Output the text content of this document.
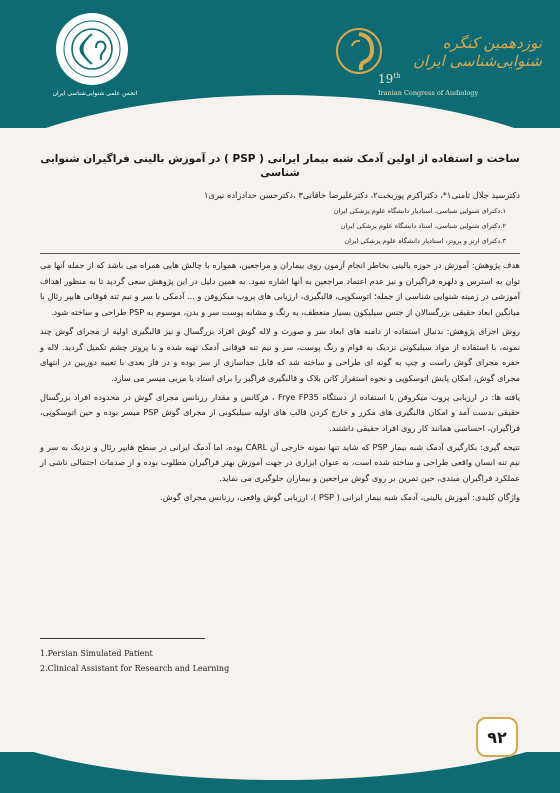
انجمن علمی شنوایی‌شناسی ایران
نوزدهمین کنگره شنوایی‌شناسی ایران
19th
Iranian Congress of Audiology
ساخت و استفاده از اولین آدمک شبه بیمار ایرانی ( PSP ) در آموزش بالینی فراگیران شنوایی شناسی
دکترسید جلال ثامنی۱*، دکتراکرم پوربخت۲، دکترعلیرضا خاقانی۳ ،دکترحسن حدادزاده نیری۱
۱.دکترای شنوایی شناسی، استادیار دانشگاه علوم پزشکی ایران
۲.دکترای شنوایی شناسی، استاد دانشگاه علوم پزشکی ایران
۳.دکترای ارتز و پروتز، استادیار دانشگاه علوم پزشکی ایران

هدف پژوهش: آموزش در حوزه بالینی بخاطر انجام آزمون روی بیماران و مراجعین، همواره با چالش هایی همراه می باشد که از جمله آنها می توان به استرس و دلهره فراگیران و نیز عدم اعتماد مراجعین به آنها اشاره نمود. به همین دلیل در این پژوهش سعی گردید تا به منظور اهداف آموزشی در زمینه شنوایی شناسی از جمله؛ اتوسکوپی، قالبگیری، ارزیابی های پروب میکروفن و ... آدمکی با سر و نیم تنه فوقانی هایپر رئال با میانگین ابعاد حقیقی بزرگسالان از جنس سیلیکون بسیار منعطف، به رنگ و مشابه پوست سر و بدن، موسوم به PSP طراحی و ساخته شود.

روش اجرای پژوهش: بدنبال استفاده از دامنه های ابعاد سر و صورت و لاله گوش افراد بزرگسال و نیز قالبگیری اولیه از مجرای گوش چند نمونه، با استفاده از مواد سیلیکونی نزدیک به قوام و رنگ پوست، سر و نیم تنه فوقانی آدمک تهیه شده و با پروتز چشم تکمیل گردید. لاله و حفره مجرای گوش راست و چپ به گونه ای طراحی و ساخته شد که قابل جداسازی از سر بوده و در فاز بعدی با تعبیه دوربین در انتهای مجرای گوش، امکان پایش اتوسکوپی و نحوه استقرار کاتن بلاک و قالبگیری فراگیر را برای استاد یا مربی میسر می سازد.

یافته ها: در ارزیابی پروب میکروفن با استفاده از دستگاه Frye FP35 ، فرکانس و مقدار رزنانس مجرای گوش در محدوده افراد بزرگسال حقیقی بدست آمد و امکان قالبگیری های مکرر و خارج کردن قالب های اولیه سیلیکونی از مجرای گوش PSP میسر بوده و حین اتوسکوپی، فراگیران، احساسی همانند کار روی افراد حقیقی داشتند.

نتیجه گیری: بکارگیری آدمک شبه بیمار PSP که شاید تنها نمونه خارجی آن CARL بوده، اما آدمک ایرانی در سطح هایپر رئال و نزدیک به سر و نیم تنه انسان واقعی طراحی و ساخته شده است، به عنوان ابزاری در جهت آموزش بهتر فراگیران مطلوب بوده و از صدمات احتمالی ناشی از عملکرد فراگیران مبتدی، حین تمرین بر روی گوش مراجعین و بیماران جلوگیری می نماید.

واژگان کلیدی: آموزش بالینی، آدمک شبه بیمار ایرانی ( PSP )، ارزیابی گوش واقعی، رزنانس مجرای گوش.

1.Persian Simulated Patient
2.Clinical Assistant for Research and Learning
۹۲
